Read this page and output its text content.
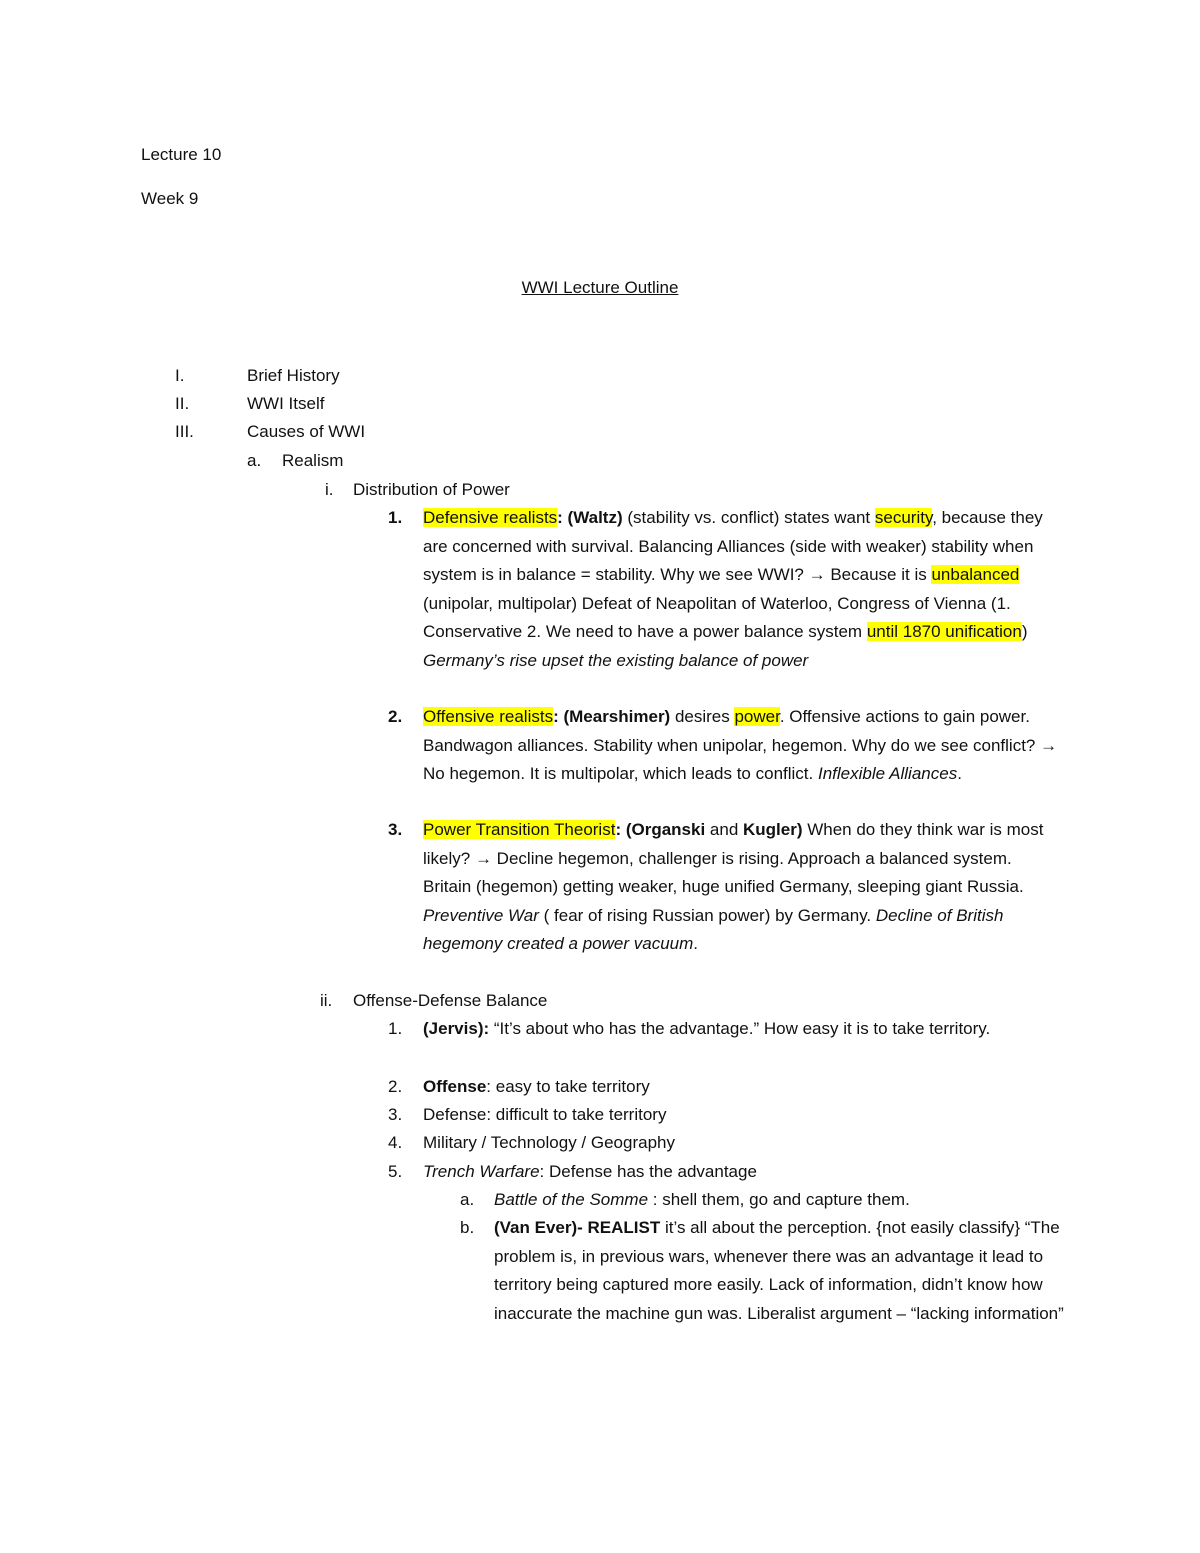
Lecture 10
Week 9
WWI Lecture Outline
I.	Brief History
II.	WWI Itself
III.	Causes of WWI
a. Realism
i. Distribution of Power
ii. Offense-Defense Balance
1. Defensive realists: (Waltz) (stability vs. conflict) states want security, because they are concerned with survival. Balancing Alliances (side with weaker) stability when system is in balance = stability. Why we see WWI? → Because it is unbalanced (unipolar, multipolar) Defeat of Neapolitan of Waterloo, Congress of Vienna (1. Conservative 2. We need to have a power balance system until 1870 unification) Germany’s rise upset the existing balance of power
2. Offensive realists: (Mearshimer) desires power. Offensive actions to gain power. Bandwagon alliances. Stability when unipolar, hegemon. Why do we see conflict? → No hegemon. It is multipolar, which leads to conflict. Inflexible Alliances.
3. Power Transition Theorist: (Organski and Kugler) When do they think war is most likely? → Decline hegemon, challenger is rising. Approach a balanced system. Britain (hegemon) getting weaker, huge unified Germany, sleeping giant Russia. Preventive War ( fear of rising Russian power) by Germany. Decline of British hegemony created a power vacuum.
1. (Jervis): “It’s about who has the advantage.” How easy it is to take territory.
2. Offense: easy to take territory
3. Defense: difficult to take territory
4. Military / Technology / Geography
5. Trench Warfare: Defense has the advantage
a. Battle of the Somme : shell them, go and capture them.
b. (Van Ever)- REALIST it’s all about the perception. {not easily classify} “The problem is, in previous wars, whenever there was an advantage it lead to territory being captured more easily. Lack of information, didn’t know how inaccurate the machine gun was. Liberalist argument – “lacking information”
